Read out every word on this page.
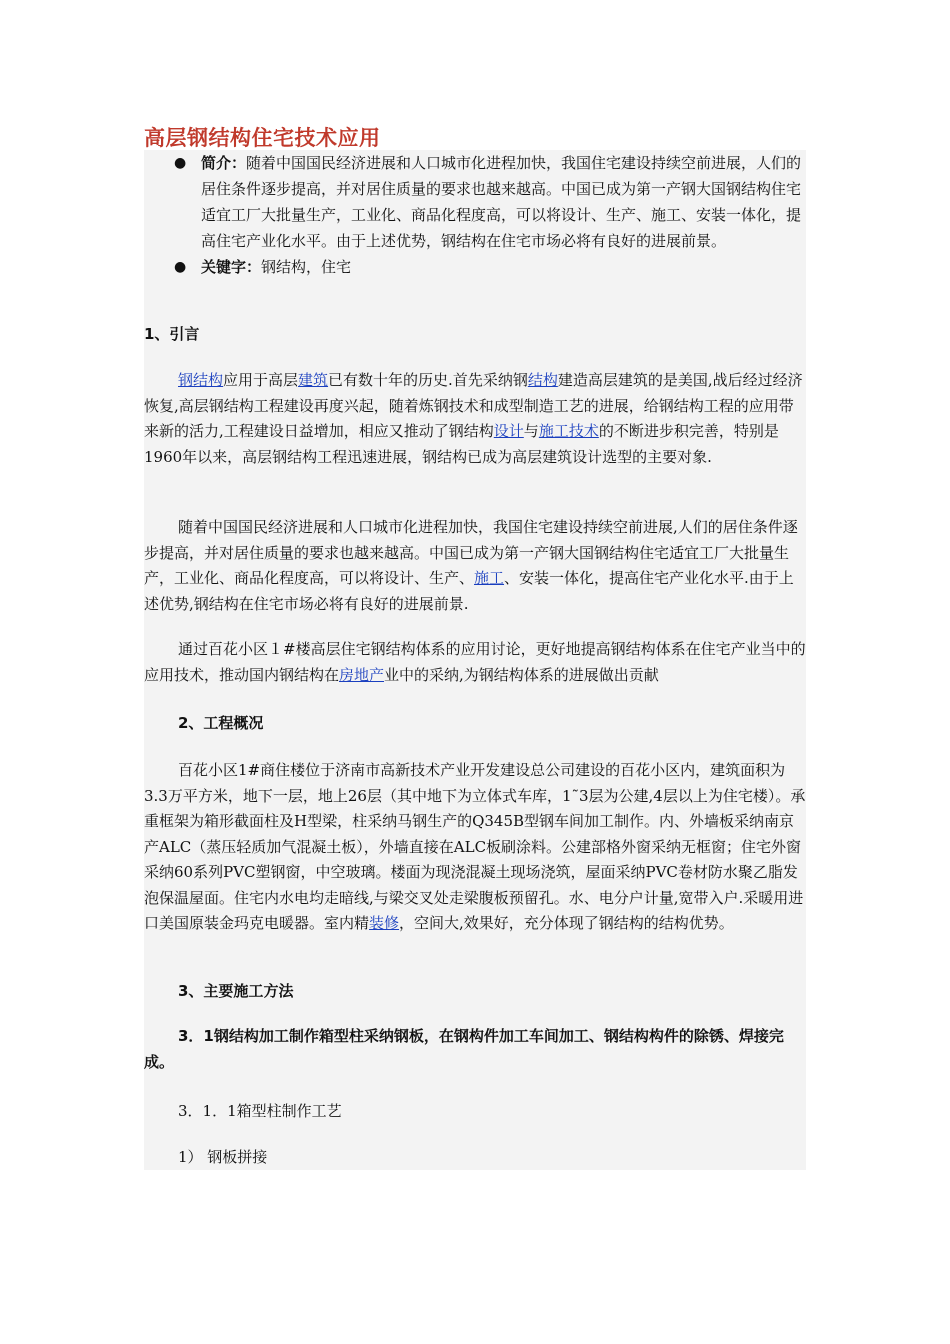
高层钢结构住宅技术应用
● 简介：随着中国国民经济进展和人口城市化进程加快，我国住宅建设持续空前进展，人们的居住条件逐步提高，并对居住质量的要求也越来越高。中国已成为第一产钢大国钢结构住宅适宜工厂大批量生产，工业化、商品化程度高，可以将设计、生产、施工、安装一体化，提高住宅产业化水平。由于上述优势，钢结构在住宅市场必将有良好的进展前景。
● 关键字：钢结构，住宅
1、引言
钢结构应用于高层建筑已有数十年的历史.首先采纳钢结构建造高层建筑的是美国,战后经过经济恢复,高层钢结构工程建设再度兴起，随着炼钢技术和成型制造工艺的进展，给钢结构工程的应用带来新的活力,工程建设日益增加，相应又推动了钢结构设计与施工技术的不断进步积完善，特别是1960年以来，高层钢结构工程迅速进展，钢结构已成为高层建筑设计选型的主要对象.
随着中国国民经济进展和人口城市化进程加快，我国住宅建设持续空前进展,人们的居住条件逐步提高，并对居住质量的要求也越来越高。中国已成为第一产钢大国钢结构住宅适宜工厂大批量生产，工业化、商品化程度高，可以将设计、生产、施工、安装一体化，提高住宅产业化水平.由于上述优势,钢结构在住宅市场必将有良好的进展前景.
通过百花小区１#楼高层住宅钢结构体系的应用讨论，更好地提高钢结构体系在住宅产业当中的应用技术，推动国内钢结构在房地产业中的采纳,为钢结构体系的进展做出贡献
2、工程概况
百花小区1#商住楼位于济南市高新技术产业开发建设总公司建设的百花小区内，建筑面积为3.3万平方米，地下一层，地上26层（其中地下为立体式车库，1˜3层为公建,4层以上为住宅楼）。承重框架为箱形截面柱及H型梁，柱采纳马钢生产的Q345B型钢车间加工制作。内、外墙板采纳南京产ALC（蒸压轻质加气混凝土板），外墙直接在ALC板刷涂料。公建部格外窗采纳无框窗；住宅外窗采纳60系列PVC塑钢窗，中空玻璃。楼面为现浇混凝土现场浇筑，屋面采纳PVC卷材防水聚乙脂发泡保温屋面。住宅内水电均走暗线,与梁交叉处走梁腹板预留孔。水、电分户计量,宽带入户.采暖用进口美国原装金玛克电暖器。室内精装修，空间大,效果好，充分体现了钢结构的结构优势。
3、主要施工方法
3．1钢结构加工制作箱型柱采纳钢板，在钢构件加工车间加工、钢结构构件的除锈、焊接完成。
3．1．1箱型柱制作工艺
1） 钢板拼接
